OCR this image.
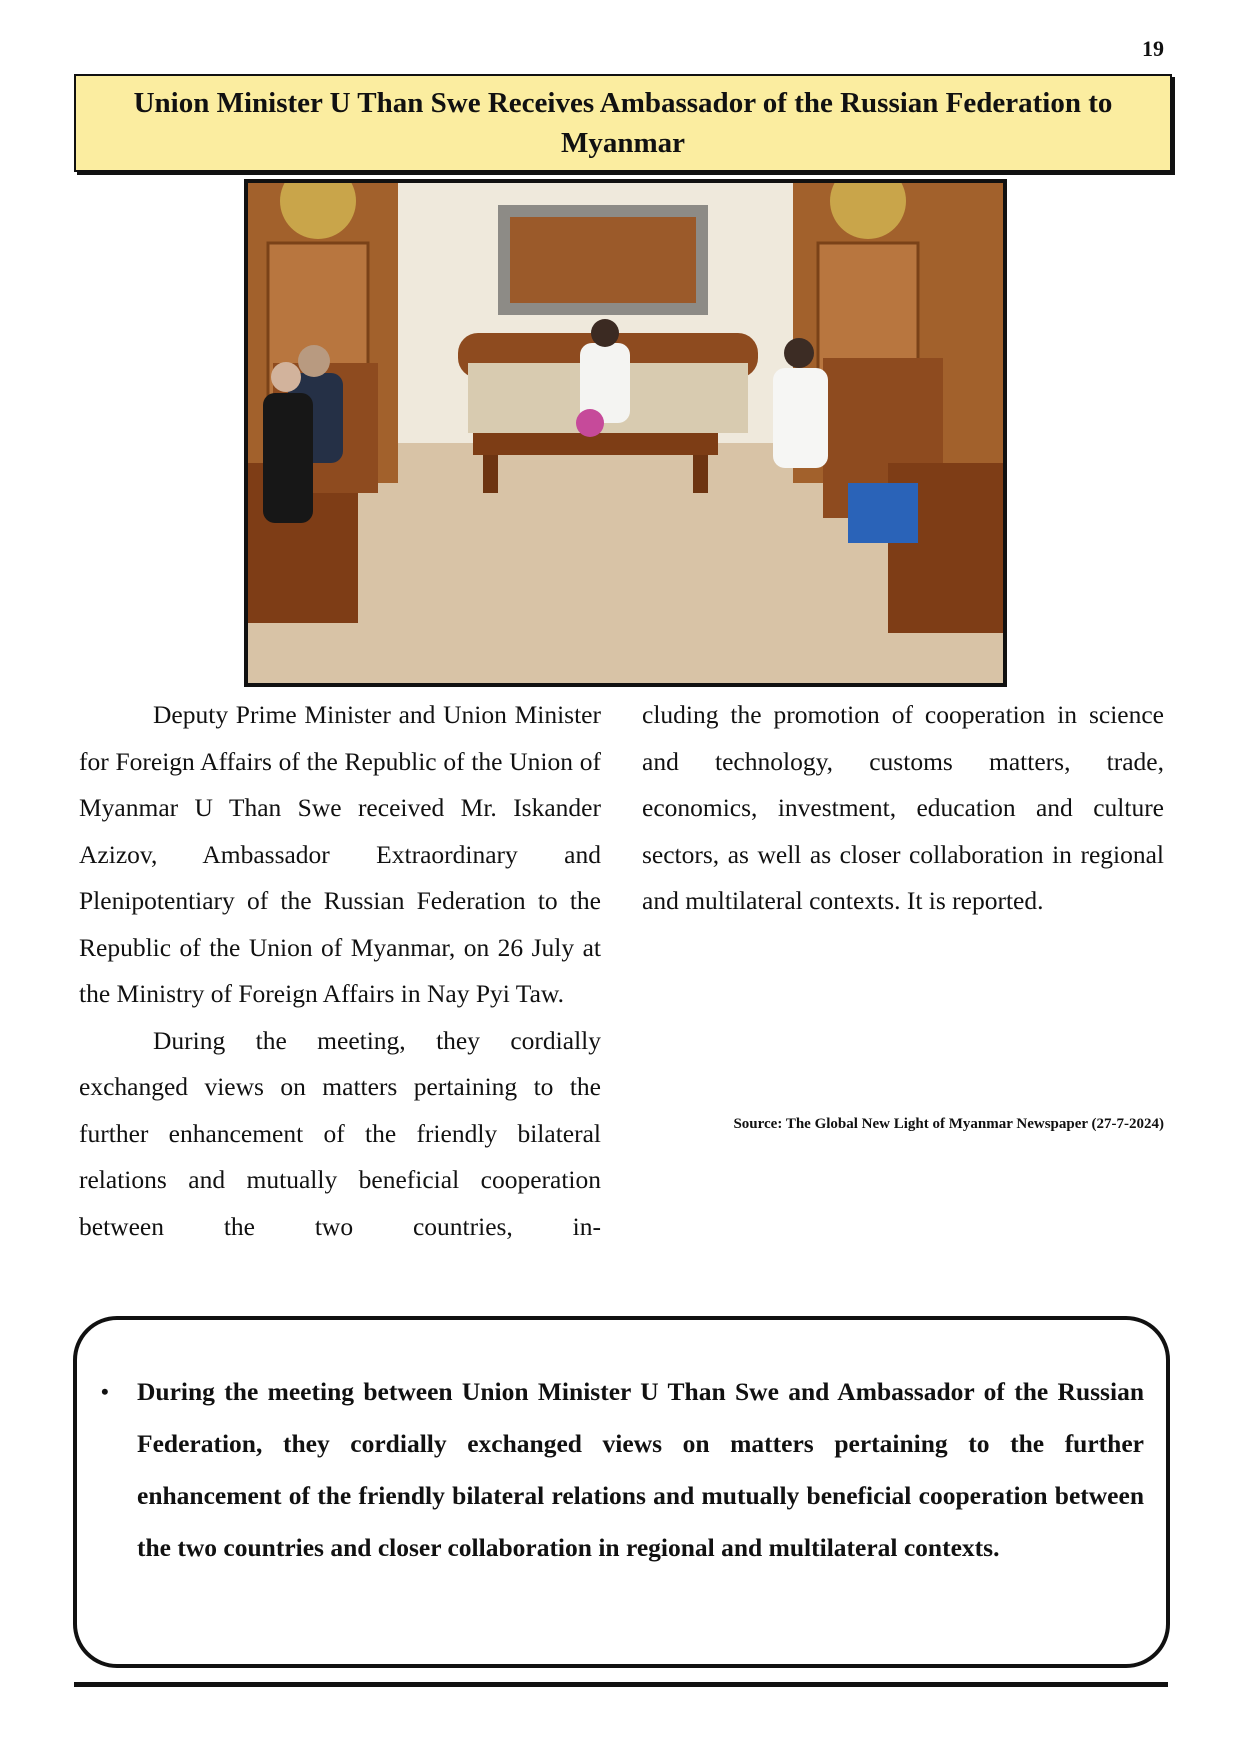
19
Union Minister U Than Swe Receives Ambassador of the Russian Federation to Myanmar

Deputy Prime Minister and Union Minister for Foreign Affairs of the Republic of the Union of Myanmar U Than Swe received Mr. Iskander Azizov, Ambassador Extraordinary and Plenipotentiary of the Russian Federation to the Republic of the Union of Myanmar, on 26 July at the Ministry of Foreign Affairs in Nay Pyi Taw.

During the meeting, they cordially exchanged views on matters pertaining to the further enhancement of the friendly bilateral relations and mutually beneficial cooperation between the two countries, in-

cluding the promotion of cooperation in science and technology, customs matters, trade, economics, investment, education and culture sectors, as well as closer collaboration in regional and multilateral contexts. It is reported.

Source: The Global New Light of Myanmar Newspaper (27-7-2024)
• During the meeting between Union Minister U Than Swe and Ambassador of the Russian Federation, they cordially exchanged views on matters pertaining to the further enhancement of the friendly bilateral relations and mutually beneficial cooperation between the two countries and closer collaboration in regional and multilateral contexts.
